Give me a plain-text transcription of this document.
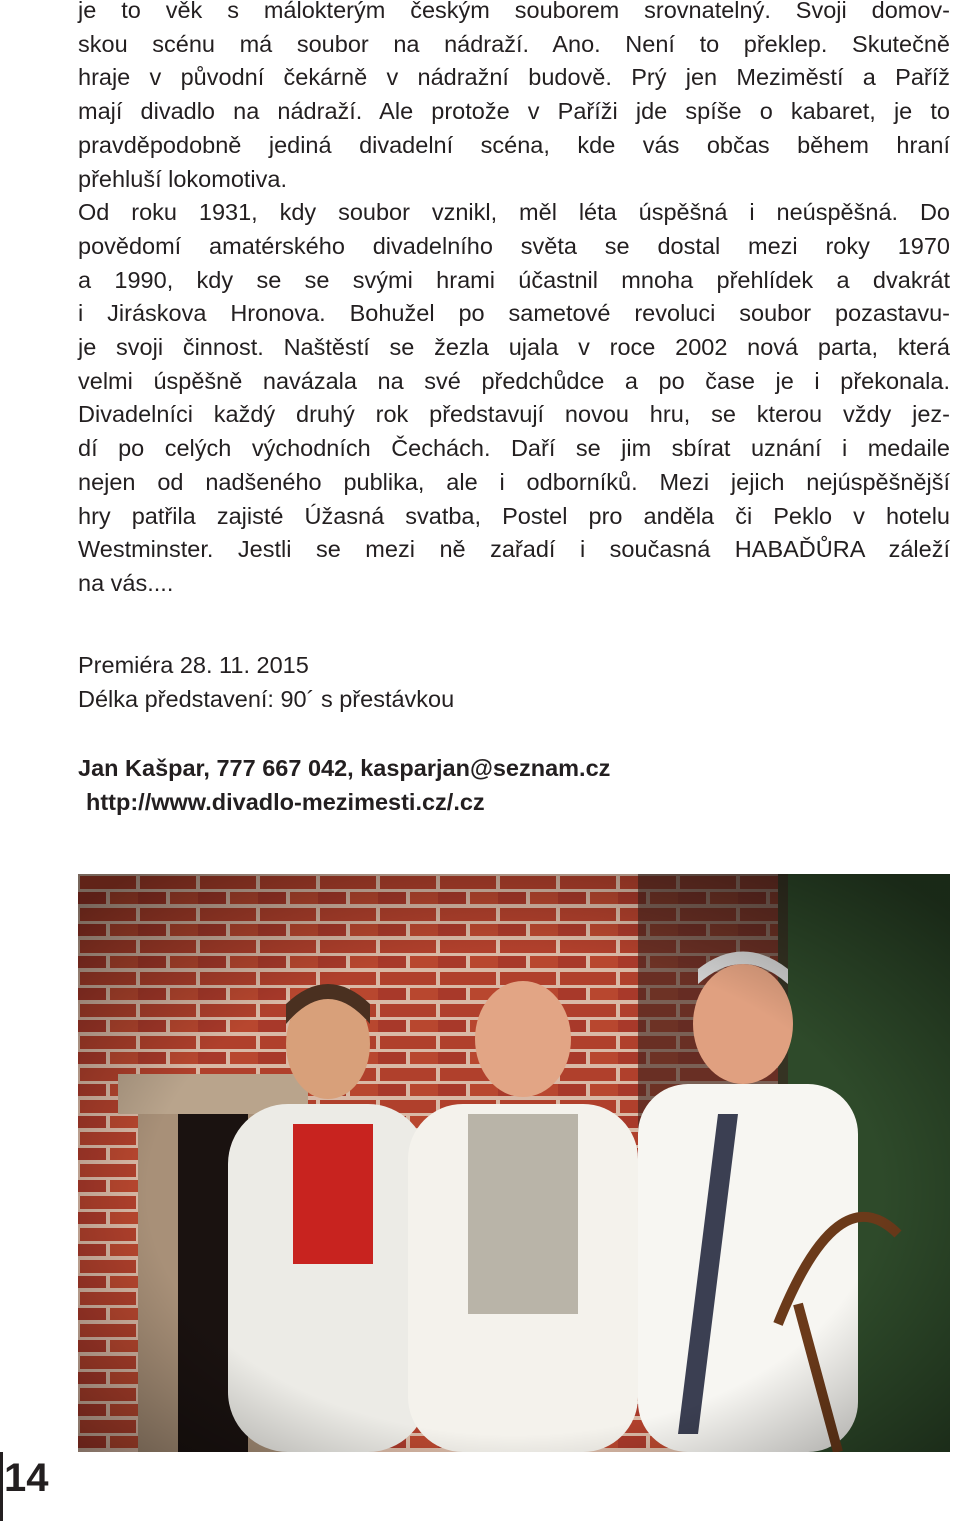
je to věk s málokterým českým souborem srovnatelný. Svoji domov-
skou scénu má soubor na nádraží. Ano. Není to překlep. Skutečně
hraje v původní čekárně v nádražní budově. Prý jen Meziměstí a Paříž
mají divadlo na nádraží. Ale protože v Paříži jde spíše o kabaret, je to
pravděpodobně jediná divadelní scéna, kde vás občas během hraní
přehluší lokomotiva.
Od roku 1931, kdy soubor vznikl, měl léta úspěšná i neúspěšná. Do
povědomí amatérského divadelního světa se dostal mezi roky 1970
a 1990, kdy se se svými hrami účastnil mnoha přehlídek a dvakrát
i Jiráskova Hronova. Bohužel po sametové revoluci soubor pozastavu-
je svoji činnost. Naštěstí se žezla ujala v roce 2002 nová parta, která
velmi úspěšně navázala na své předchůdce a po čase je i překonala.
Divadelníci každý druhý rok představují novou hru, se kterou vždy jez-
dí po celých východních Čechách. Daří se jim sbírat uznání i medaile
nejen od nadšeného publika, ale i odborníků. Mezi jejich nejúspěšnější
hry patřila zajisté Úžasná svatba, Postel pro anděla či Peklo v hotelu
Westminster. Jestli se mezi ně zařadí i současná HABAĎŮRA záleží
na vás....

Premiéra 28. 11. 2015
Délka představení: 90´ s přestávkou
Jan Kašpar, 777 667 042, kasparjan@seznam.cz
http://www.divadlo-mezimesti.cz/.cz
14
